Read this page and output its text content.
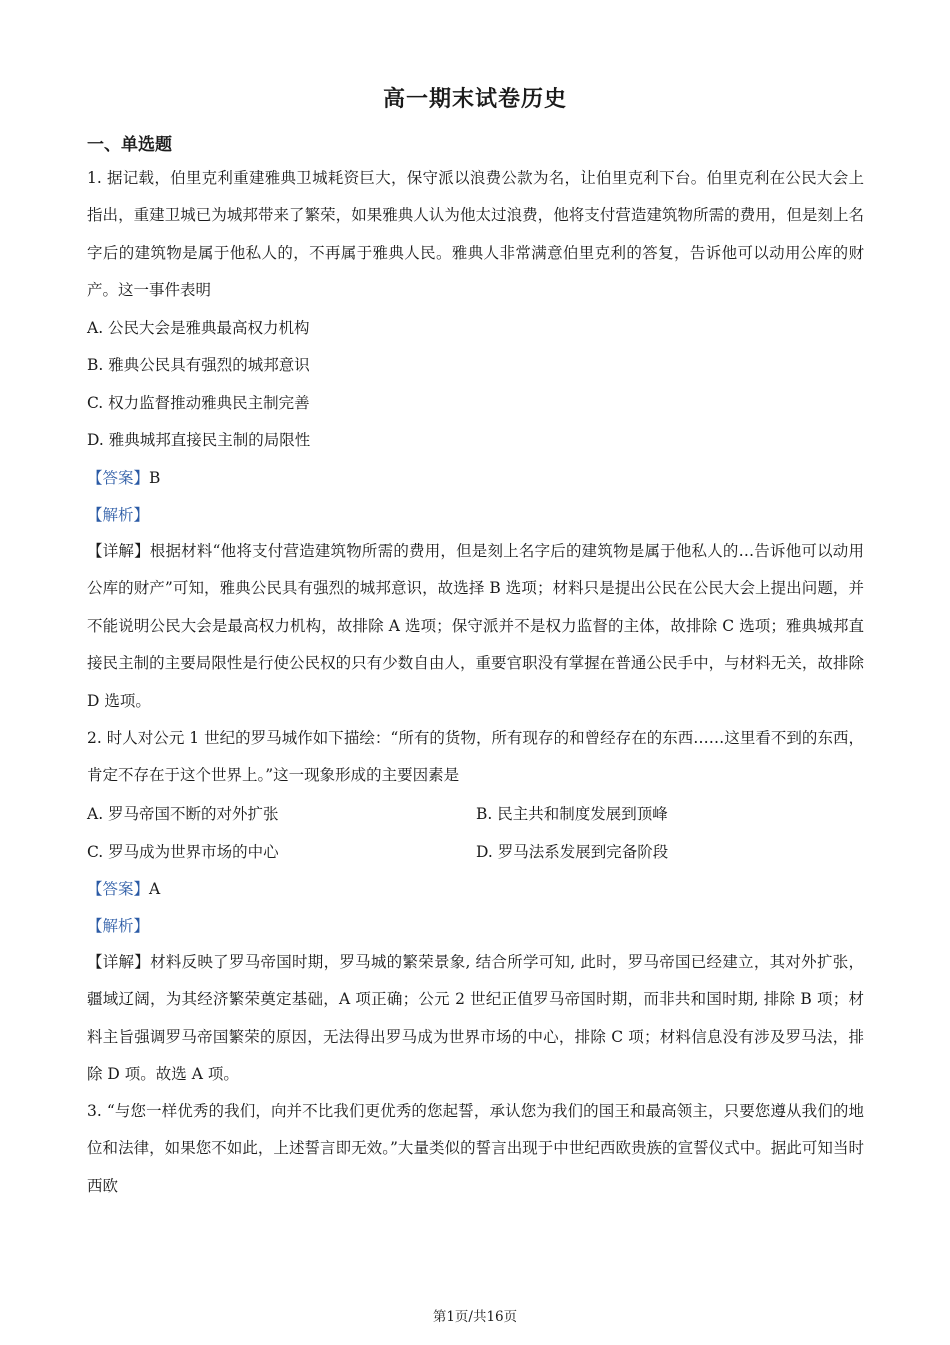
高一期末试卷历史
一、单选题
1. 据记载，伯里克利重建雅典卫城耗资巨大，保守派以浪费公款为名，让伯里克利下台。伯里克利在公民大会上指出，重建卫城已为城邦带来了繁荣，如果雅典人认为他太过浪费，他将支付营造建筑物所需的费用，但是刻上名字后的建筑物是属于他私人的，不再属于雅典人民。雅典人非常满意伯里克利的答复，告诉他可以动用公库的财产。这一事件表明
A. 公民大会是雅典最高权力机构
B. 雅典公民具有强烈的城邦意识
C. 权力监督推动雅典民主制完善
D. 雅典城邦直接民主制的局限性
【答案】B
【解析】
【详解】根据材料“他将支付营造建筑物所需的费用，但是刻上名字后的建筑物是属于他私人的…告诉他可以动用公库的财产”可知，雅典公民具有强烈的城邦意识，故选择 B 选项；材料只是提出公民在公民大会上提出问题，并不能说明公民大会是最高权力机构，故排除 A 选项；保守派并不是权力监督的主体，故排除 C 选项；雅典城邦直接民主制的主要局限性是行使公民权的只有少数自由人，重要官职没有掌握在普通公民手中，与材料无关，故排除 D 选项。
2. 时人对公元 1 世纪的罗马城作如下描绘：“所有的货物，所有现存的和曾经存在的东西……这里看不到的东西，肯定不存在于这个世界上。”这一现象形成的主要因素是
A. 罗马帝国不断的对外扩张	B. 民主共和制度发展到顶峰
C. 罗马成为世界市场的中心	D. 罗马法系发展到完备阶段
【答案】A
【解析】
【详解】材料反映了罗马帝国时期，罗马城的繁荣景象, 结合所学可知, 此时，罗马帝国已经建立，其对外扩张，疆域辽阔，为其经济繁荣奠定基础，A 项正确；公元 2 世纪正值罗马帝国时期，而非共和国时期, 排除 B 项；材料主旨强调罗马帝国繁荣的原因，无法得出罗马成为世界市场的中心，排除 C 项；材料信息没有涉及罗马法，排除 D 项。故选 A 项。
3. “与您一样优秀的我们，向并不比我们更优秀的您起誓，承认您为我们的国王和最高领主，只要您遵从我们的地位和法律，如果您不如此，上述誓言即无效。”大量类似的誓言出现于中世纪西欧贵族的宣誓仪式中。据此可知当时西欧
第1页/共16页
